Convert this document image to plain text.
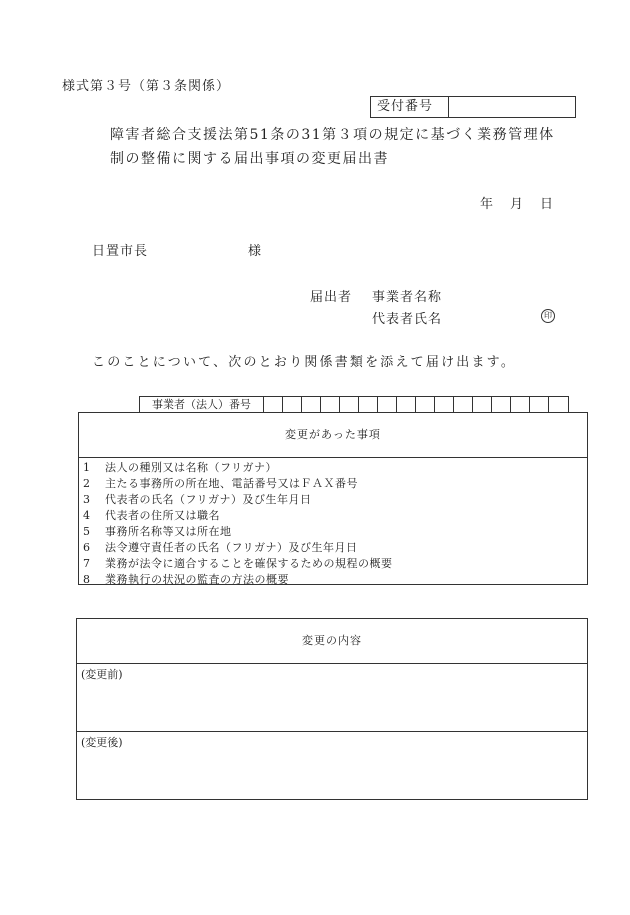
様式第３号（第３条関係）
受付番号
障害者総合支援法第51条の31第３項の規定に基づく業務管理体
制の整備に関する届出事項の変更届出書
年 月 日
日置市長	様
届出者 事業者名称
代表者氏名	印
このことについて、次のとおり関係書類を添えて届け出ます。
事業者（法人）番号
変更があった事項
1 法人の種別又は名称（フリガナ）
2 主たる事務所の所在地、電話番号又はＦＡＸ番号
3 代表者の氏名（フリガナ）及び生年月日
4 代表者の住所又は職名
5 事務所名称等又は所在地
6 法令遵守責任者の氏名（フリガナ）及び生年月日
7 業務が法令に適合することを確保するための規程の概要
8 業務執行の状況の監査の方法の概要
変更の内容
(変更前)
(変更後)
